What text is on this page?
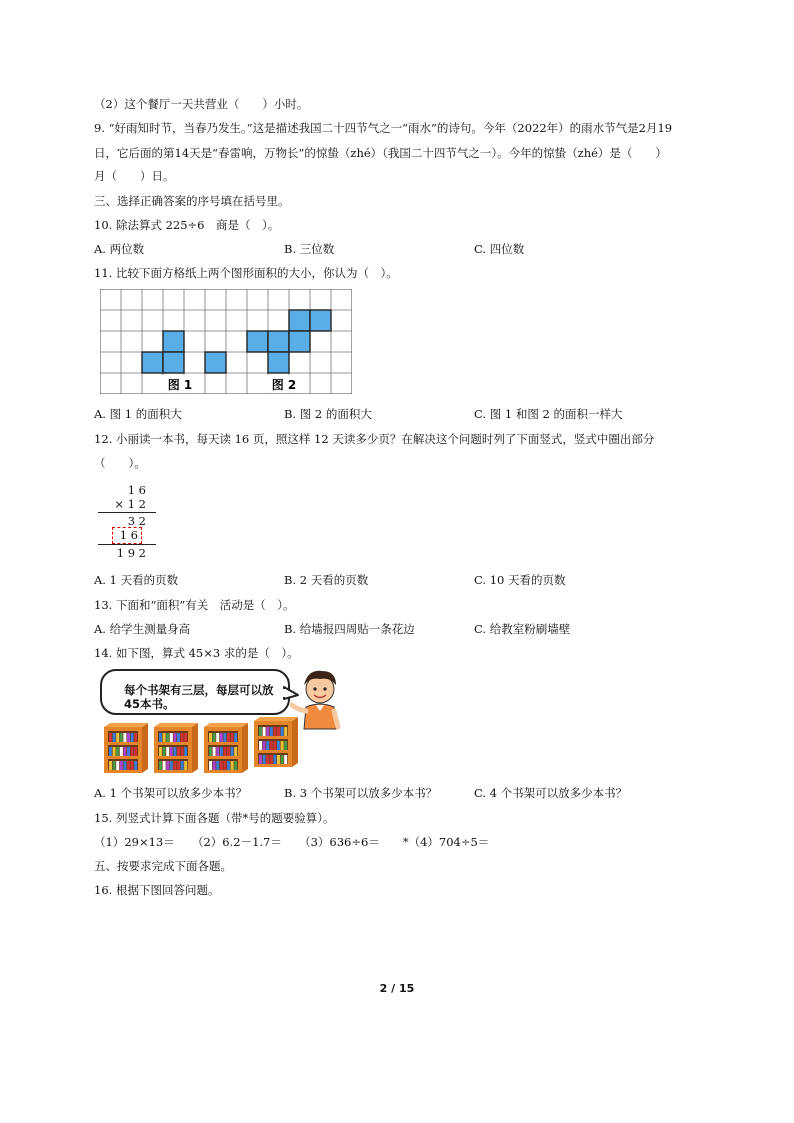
（2）这个餐厅一天共营业（　　）小时。
9. “好雨知时节，当春乃发生。”这是描述我国二十四节气之一“雨水”的诗句。今年（2022年）的雨水节气是2月19
日，它后面的第14天是“春雷响，万物长”的惊蛰（zhé）（我国二十四节气之一）。今年的惊蛰（zhé）是（　　）
月（　　）日。
三、选择正确答案的序号填在括号里。
10. 除法算式 225÷6　商是（　）。
A. 两位数	B. 三位数	C. 四位数
11. 比较下面方格纸上两个图形面积的大小，你认为（　）。
图 1	图 2
A. 图 1 的面积大	B. 图 2 的面积大	C. 图 1 和图 2 的面积一样大
12. 小丽读一本书，每天读 16 页，照这样 12 天读多少页？在解决这个问题时列了下面竖式，竖式中圈出部分
（　　）。
1 6
× 1 2
3 2
1 6
1 9 2
A. 1 天看的页数	B. 2 天看的页数	C. 10 天看的页数
13. 下面和“面积”有关　活动是（　）。
A. 给学生测量身高	B. 给墙报四周贴一条花边	C. 给教室粉刷墙壁
14. 如下图，算式 45×3 求的是（　）。
每个书架有三层，每层可以放45本书。
A. 1 个书架可以放多少本书？	B. 3 个书架可以放多少本书？	C. 4 个书架可以放多少本书？
15. 列竖式计算下面各题（带*号的题要验算）。
（1）29×13＝　　（2）6.2－1.7＝　　（3）636÷6＝　　*（4）704÷5＝
五、按要求完成下面各题。
16. 根据下图回答问题。
2 / 15
